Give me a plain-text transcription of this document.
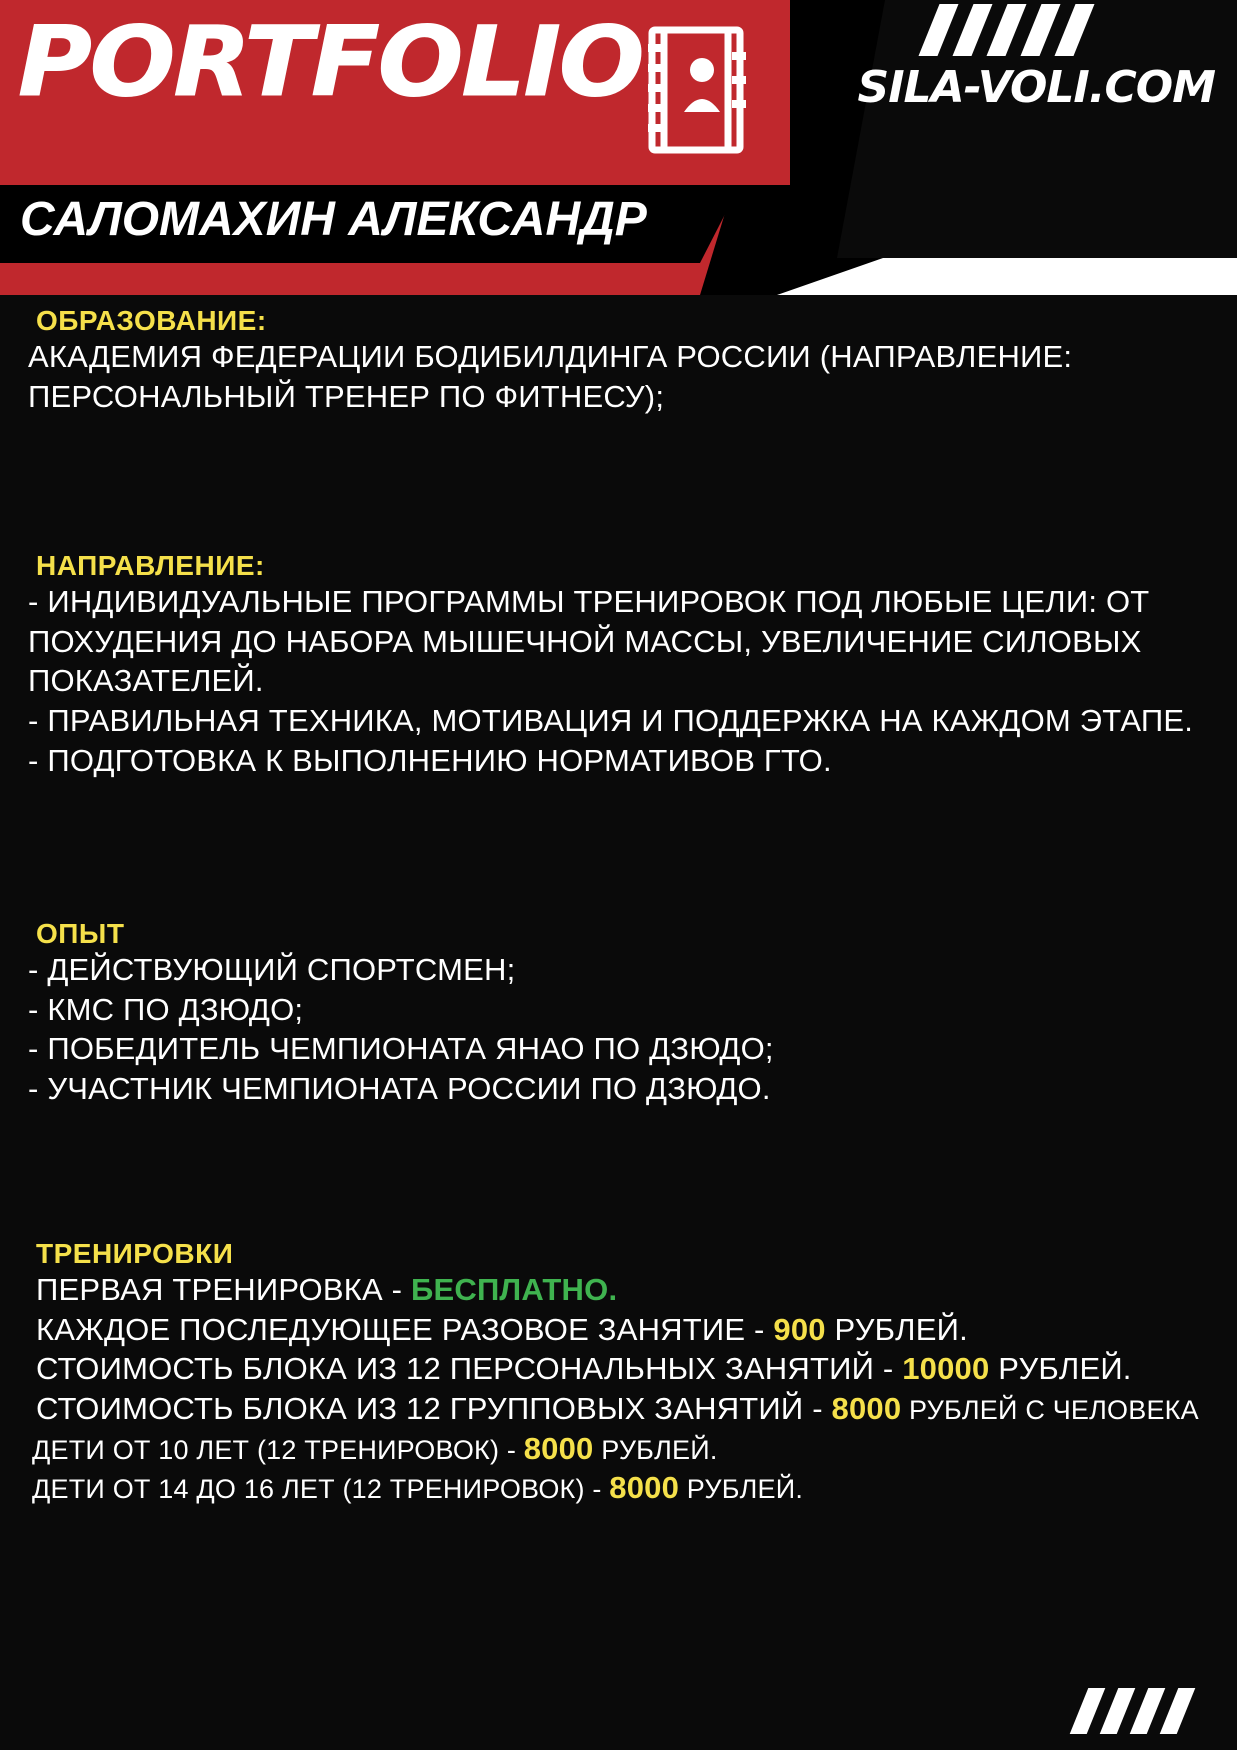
PORTFOLIO
САЛОМАХИН АЛЕКСАНДР
SILA-VOLI.COM
ОБРАЗОВАНИЕ:
АКАДЕМИЯ ФЕДЕРАЦИИ БОДИБИЛДИНГА РОССИИ (НАПРАВЛЕНИЕ:
ПЕРСОНАЛЬНЫЙ ТРЕНЕР ПО ФИТНЕСУ);
НАПРАВЛЕНИЕ:
- ИНДИВИДУАЛЬНЫЕ ПРОГРАММЫ ТРЕНИРОВОК ПОД ЛЮБЫЕ ЦЕЛИ: ОТ
ПОХУДЕНИЯ ДО НАБОРА МЫШЕЧНОЙ МАССЫ, УВЕЛИЧЕНИЕ СИЛОВЫХ
ПОКАЗАТЕЛЕЙ.
- ПРАВИЛЬНАЯ ТЕХНИКА, МОТИВАЦИЯ И ПОДДЕРЖКА НА КАЖДОМ ЭТАПЕ.
- ПОДГОТОВКА К ВЫПОЛНЕНИЮ НОРМАТИВОВ ГТО.
ОПЫТ
- ДЕЙСТВУЮЩИЙ СПОРТСМЕН;
- КМС ПО ДЗЮДО;
- ПОБЕДИТЕЛЬ ЧЕМПИОНАТА ЯНАО ПО ДЗЮДО;
- УЧАСТНИК ЧЕМПИОНАТА РОССИИ ПО ДЗЮДО.
ТРЕНИРОВКИ
ПЕРВАЯ ТРЕНИРОВКА - БЕСПЛАТНО.
КАЖДОЕ ПОСЛЕДУЮЩЕЕ РАЗОВОЕ ЗАНЯТИЕ - 900 РУБЛЕЙ.
СТОИМОСТЬ БЛОКА ИЗ 12 ПЕРСОНАЛЬНЫХ ЗАНЯТИЙ - 10000 РУБЛЕЙ.
СТОИМОСТЬ БЛОКА ИЗ 12 ГРУППОВЫХ ЗАНЯТИЙ - 8000 РУБЛЕЙ С ЧЕЛОВЕКА
ДЕТИ ОТ 10 ЛЕТ (12 ТРЕНИРОВОК) - 8000 РУБЛЕЙ.
ДЕТИ ОТ 14 ДО 16 ЛЕТ (12 ТРЕНИРОВОК) - 8000 РУБЛЕЙ.
